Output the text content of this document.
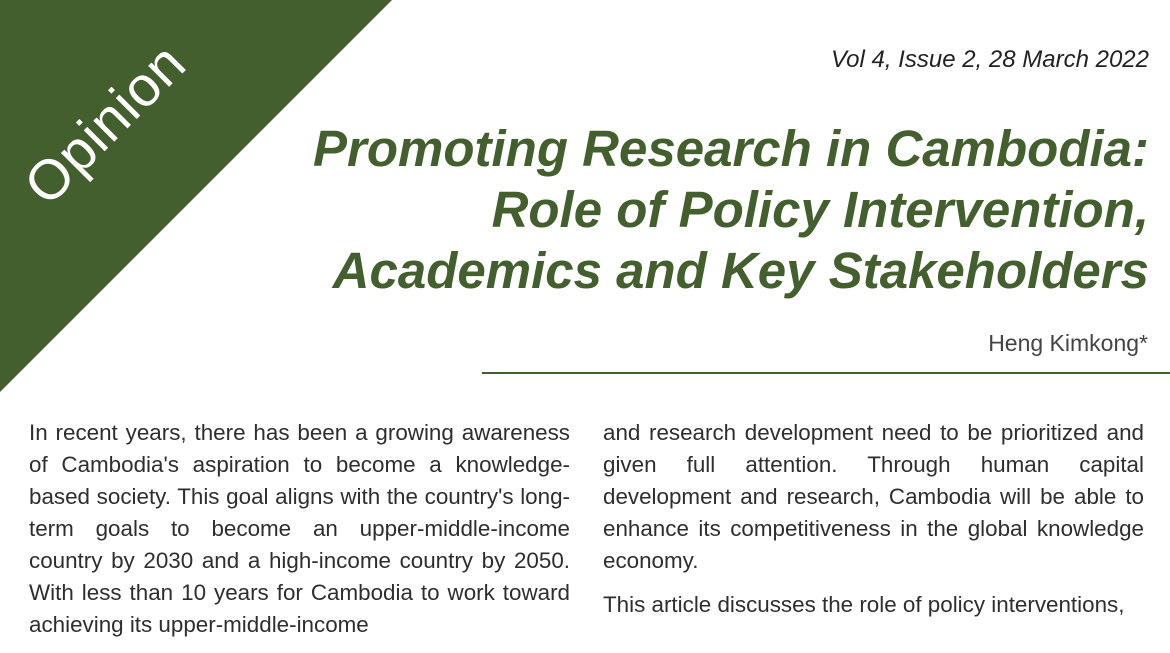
Opinion	Vol 4, Issue 2, 28 March 2022
Promoting Research in Cambodia:
Role of Policy Intervention,
Academics and Key Stakeholders
Heng Kimkong*

In recent years, there has been a growing awareness of Cambodia's aspiration to become a knowledge-based society. This goal aligns with the country's long-term goals to become an upper-middle-income country by 2030 and a high-income country by 2050. With less than 10 years for Cambodia to work toward achieving its upper-middle-income

and research development need to be prioritized and given full attention. Through human capital development and research, Cambodia will be able to enhance its competitiveness in the global knowledge economy.

This article discusses the role of policy interventions,
